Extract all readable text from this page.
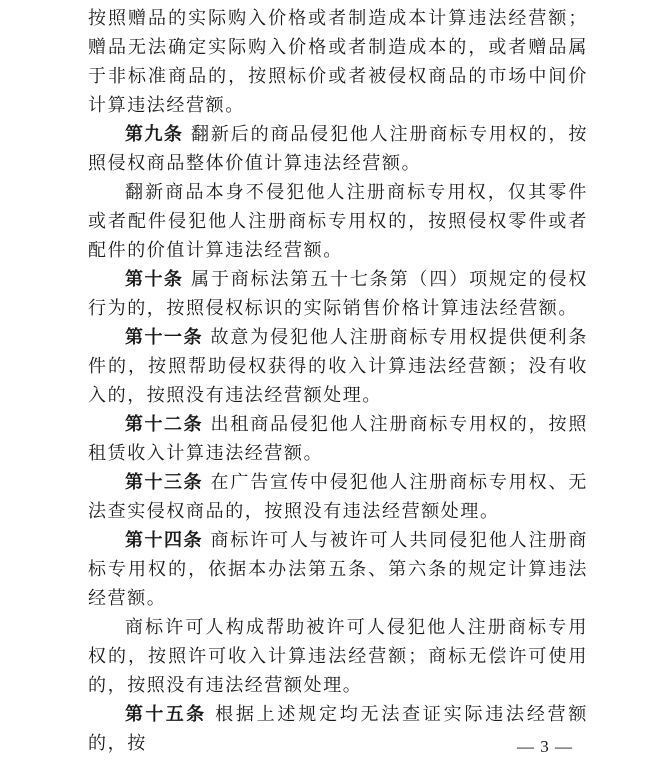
按照赠品的实际购入价格或者制造成本计算违法经营额；赠品无法确定实际购入价格或者制造成本的，或者赠品属于非标准商品的，按照标价或者被侵权商品的市场中间价计算违法经营额。

第九条 翻新后的商品侵犯他人注册商标专用权的，按照侵权商品整体价值计算违法经营额。

翻新商品本身不侵犯他人注册商标专用权，仅其零件或者配件侵犯他人注册商标专用权的，按照侵权零件或者配件的价值计算违法经营额。

第十条 属于商标法第五十七条第（四）项规定的侵权行为的，按照侵权标识的实际销售价格计算违法经营额。

第十一条 故意为侵犯他人注册商标专用权提供便利条件的，按照帮助侵权获得的收入计算违法经营额；没有收入的，按照没有违法经营额处理。

第十二条 出租商品侵犯他人注册商标专用权的，按照租赁收入计算违法经营额。

第十三条 在广告宣传中侵犯他人注册商标专用权、无法查实侵权商品的，按照没有违法经营额处理。

第十四条 商标许可人与被许可人共同侵犯他人注册商标专用权的，依据本办法第五条、第六条的规定计算违法经营额。

商标许可人构成帮助被许可人侵犯他人注册商标专用权的，按照许可收入计算违法经营额；商标无偿许可使用的，按照没有违法经营额处理。

第十五条 根据上述规定均无法查证实际违法经营额的，按	— 3 —
